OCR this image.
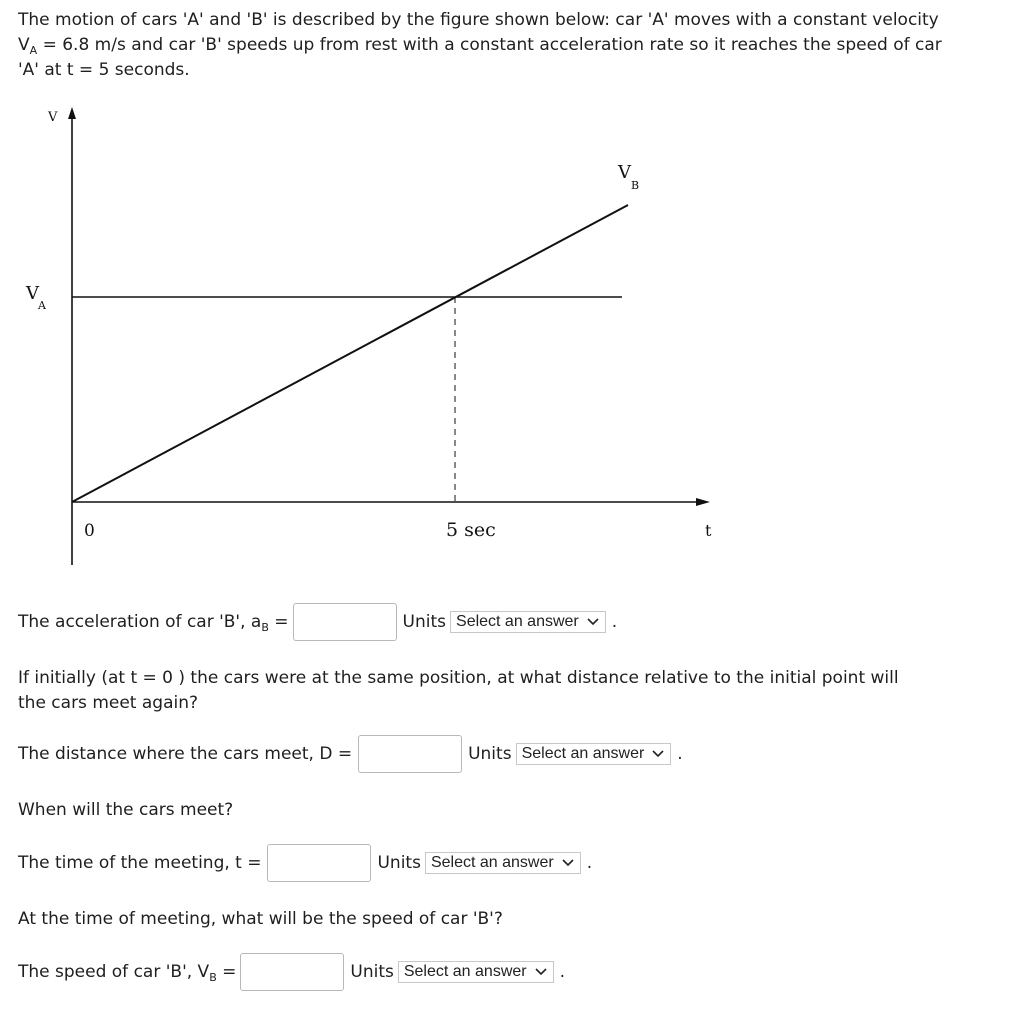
The motion of cars 'A' and 'B' is described by the figure shown below: car 'A' moves with a constant velocity
$V_A = 6.8$ m/s and car 'B' speeds up from rest with a constant acceleration rate so it reaches the speed of car
'A' at t = 5 seconds.

V
t
0	5 sec
V
A
V
B
The acceleration of car 'B', $a_B$ =	Units Select an answer .

If initially (at t = 0 ) the cars were at the same position, at what distance relative to the initial point will
the cars meet again?

The distance where the cars meet, D =	Units Select an answer .

When will the cars meet?

The time of the meeting, t =	Units Select an answer .

At the time of meeting, what will be the speed of car 'B'?

The speed of car 'B', $V_B$ =	Units Select an answer .
